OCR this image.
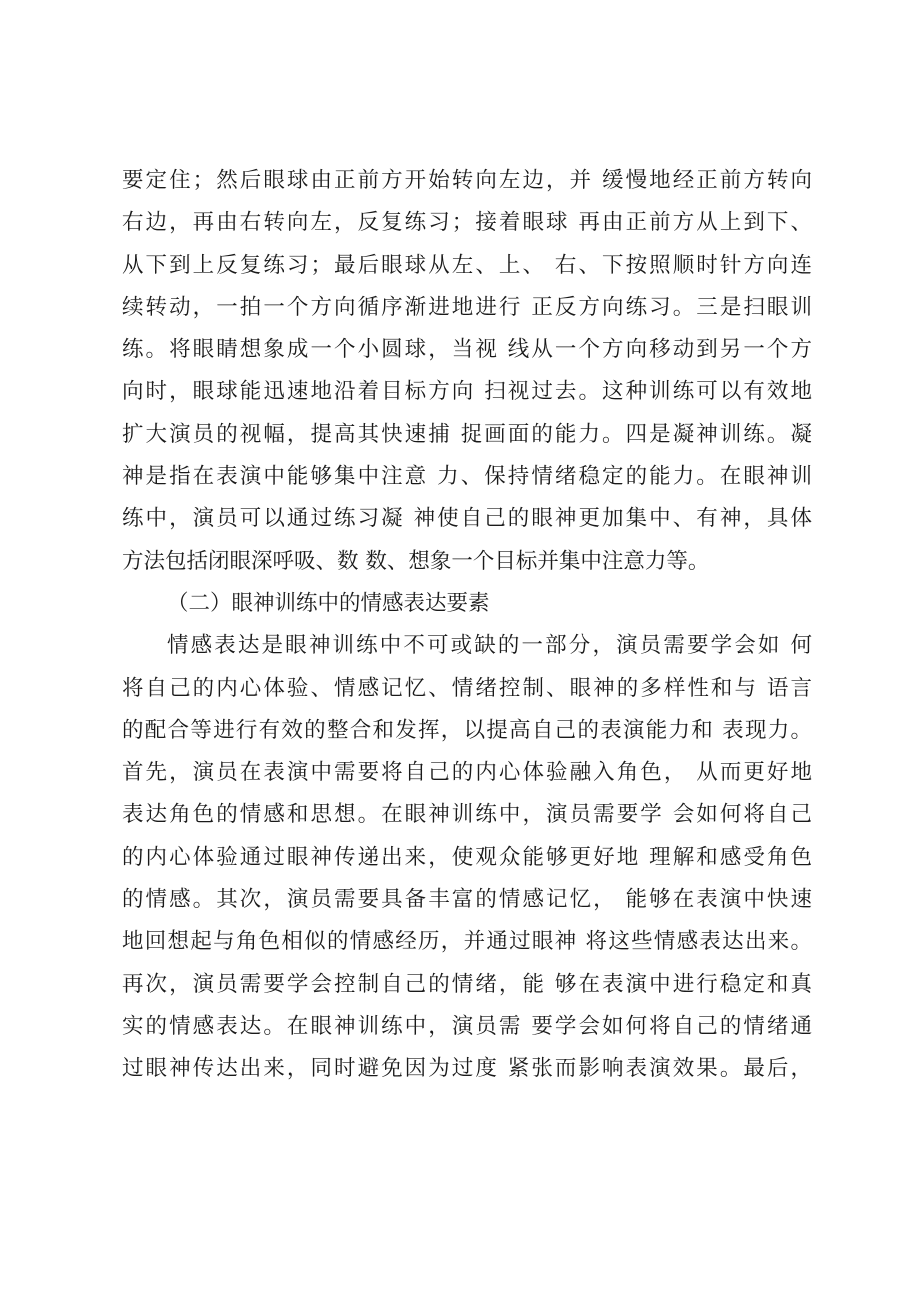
要定住；然后眼球由正前方开始转向左边，并 缓慢地经正前方转向
右边，再由右转向左，反复练习；接着眼球 再由正前方从上到下、
从下到上反复练习；最后眼球从左、上、 右、下按照顺时针方向连
续转动，一拍一个方向循序渐进地进行 正反方向练习。三是扫眼训
练。将眼睛想象成一个小圆球，当视 线从一个方向移动到另一个方
向时，眼球能迅速地沿着目标方向 扫视过去。这种训练可以有效地
扩大演员的视幅，提高其快速捕 捉画面的能力。四是凝神训练。凝
神是指在表演中能够集中注意 力、保持情绪稳定的能力。在眼神训
练中，演员可以通过练习凝 神使自己的眼神更加集中、有神，具体
方法包括闭眼深呼吸、数 数、想象一个目标并集中注意力等。
（二）眼神训练中的情感表达要素
情感表达是眼神训练中不可或缺的一部分，演员需要学会如 何
将自己的内心体验、情感记忆、情绪控制、眼神的多样性和与 语言
的配合等进行有效的整合和发挥，以提高自己的表演能力和 表现力。
首先，演员在表演中需要将自己的内心体验融入角色， 从而更好地
表达角色的情感和思想。在眼神训练中，演员需要学 会如何将自己
的内心体验通过眼神传递出来，使观众能够更好地 理解和感受角色
的情感。其次，演员需要具备丰富的情感记忆， 能够在表演中快速
地回想起与角色相似的情感经历，并通过眼神 将这些情感表达出来。
再次，演员需要学会控制自己的情绪，能 够在表演中进行稳定和真
实的情感表达。在眼神训练中，演员需 要学会如何将自己的情绪通
过眼神传达出来，同时避免因为过度 紧张而影响表演效果。最后，
